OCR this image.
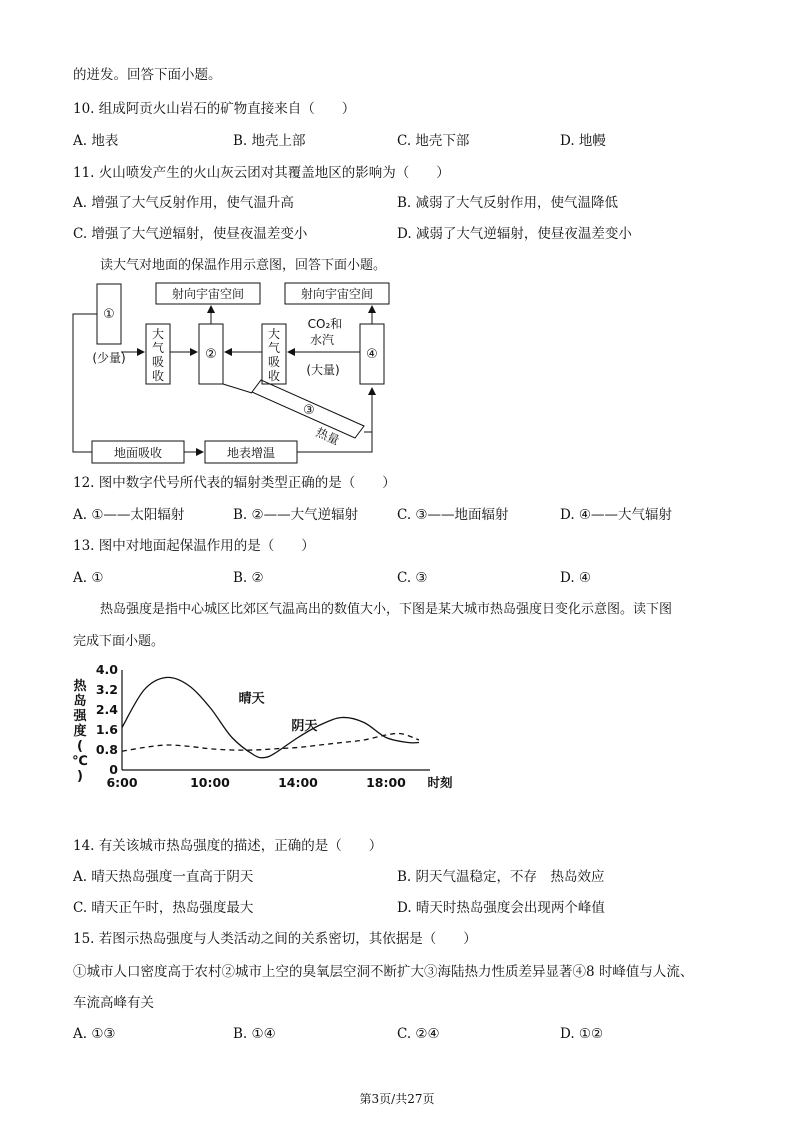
的迸发。回答下面小题。
10. 组成阿贡火山岩石的矿物直接来自（　　）
A. 地表	B. 地壳上部	C. 地壳下部	D. 地幔
11. 火山喷发产生的火山灰云团对其覆盖地区的影响为（　　）
A. 增强了大气反射作用，使气温升高	B. 减弱了大气反射作用，使气温降低
C. 增强了大气逆辐射，使昼夜温差变小	D. 减弱了大气逆辐射，使昼夜温差变小
读大气对地面的保温作用示意图，回答下面小题。
射向宇宙空间	射向宇宙空间
①
(少量)
大
气
吸
收
②
大
气
吸
收
CO₂和
水汽
(大量)
④
③
热量
地面吸收	地表增温
12. 图中数字代号所代表的辐射类型正确的是（　　）
A. ①——太阳辐射	B. ②——大气逆辐射	C. ③——地面辐射	D. ④——大气辐射
13. 图中对地面起保温作用的是（　　）
A. ①	B. ②	C. ③	D. ④
热岛强度是指中心城区比郊区气温高出的数值大小，下图是某大城市热岛强度日变化示意图。读下图
完成下面小题。
热
岛
强
度
(
℃
)
4.0
3.2
2.4
1.6
0.8
0
6:00	10:00	14:00	18:00 时刻
晴天
阴天
14. 有关该城市热岛强度的描述，正确的是（　　）
A. 晴天热岛强度一直高于阴天	B. 阴天气温稳定，不存　热岛效应
C. 晴天正午时，热岛强度最大	D. 晴天时热岛强度会出现两个峰值
15. 若图示热岛强度与人类活动之间的关系密切，其依据是（　　）
①城市人口密度高于农村②城市上空的臭氧层空洞不断扩大③海陆热力性质差异显著④8 时峰值与人流、
车流高峰有关
A. ①③	B. ①④	C. ②④	D. ①②
第3页/共27页
